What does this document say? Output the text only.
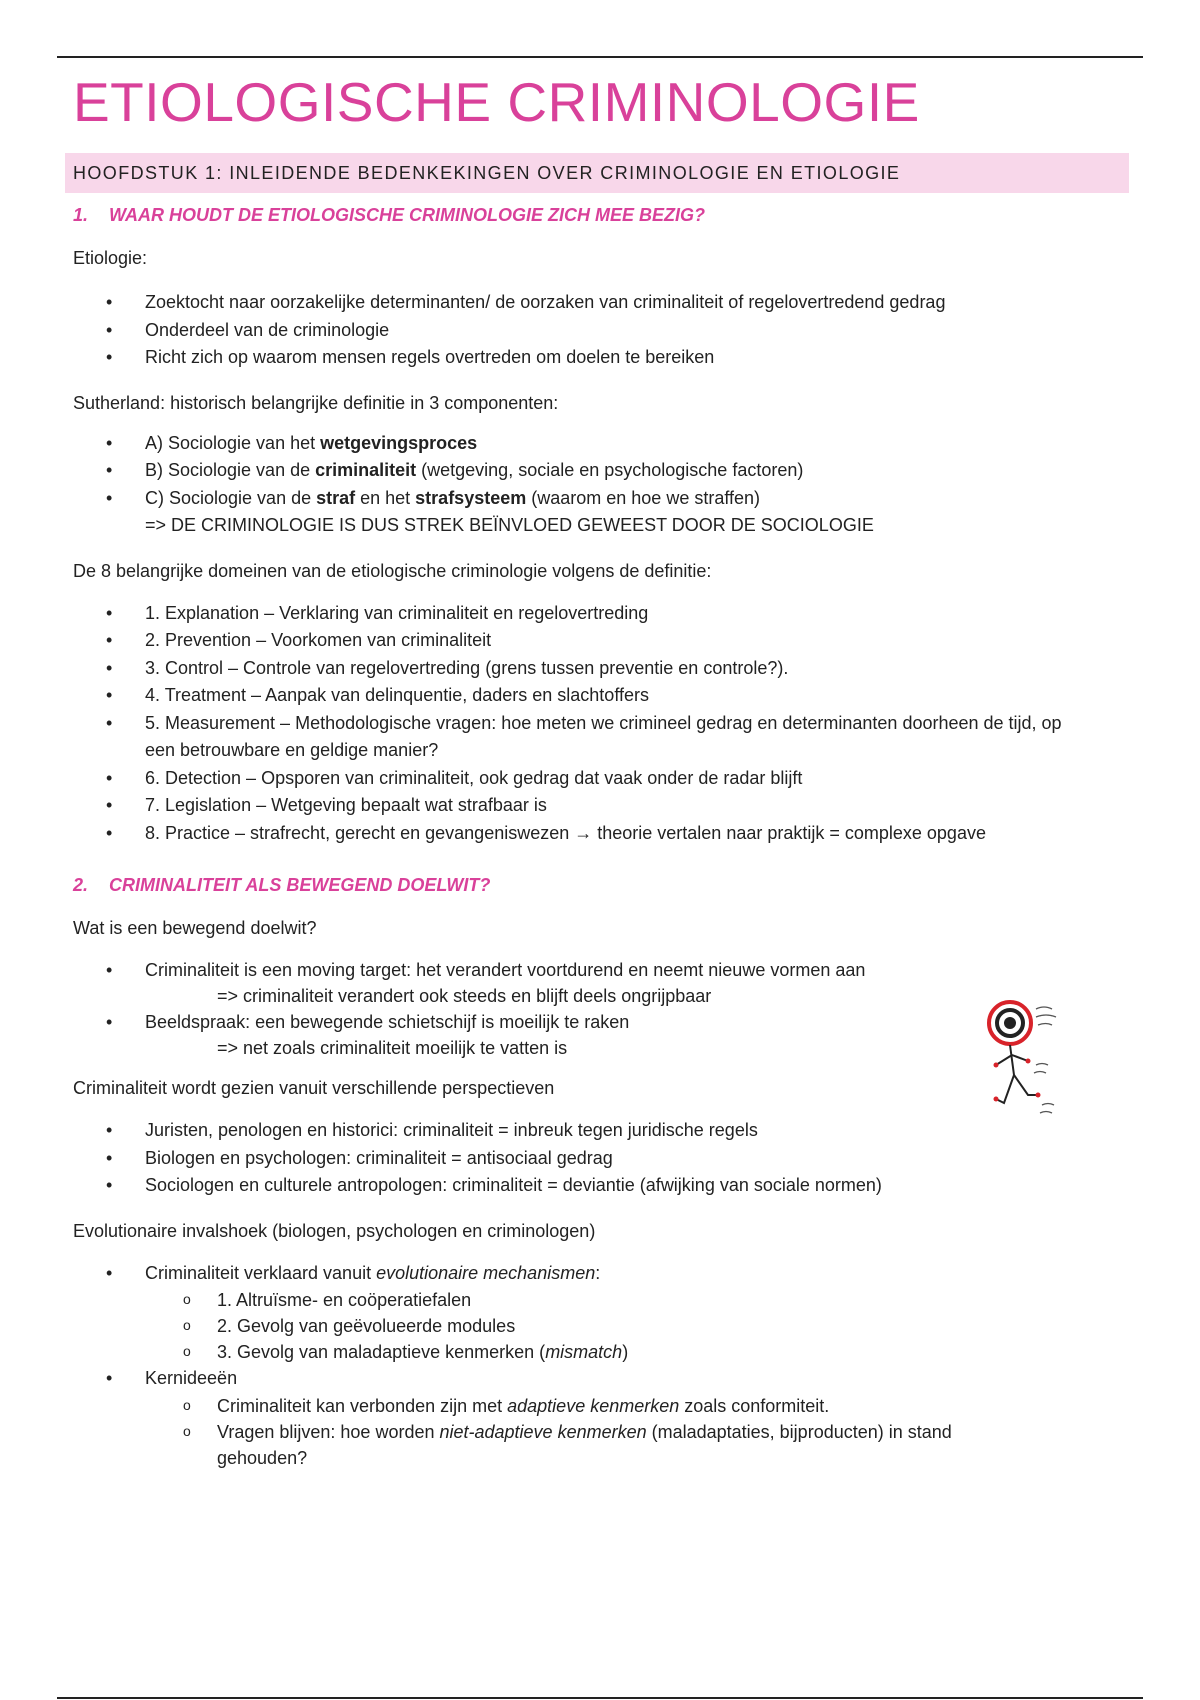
ETIOLOGISCHE CRIMINOLOGIE
HOOFDSTUK 1: INLEIDENDE BEDENKEKINGEN OVER CRIMINOLOGIE EN ETIOLOGIE
1. WAAR HOUDT DE ETIOLOGISCHE CRIMINOLOGIE ZICH MEE BEZIG?
Etiologie:
• Zoektocht naar oorzakelijke determinanten/ de oorzaken van criminaliteit of regelovertredend gedrag
• Onderdeel van de criminologie
• Richt zich op waarom mensen regels overtreden om doelen te bereiken
Sutherland: historisch belangrijke definitie in 3 componenten:
• A) Sociologie van het wetgevingsproces
• B) Sociologie van de criminaliteit (wetgeving, sociale en psychologische factoren)
• C) Sociologie van de straf en het strafsysteem (waarom en hoe we straffen)
=> DE CRIMINOLOGIE IS DUS STREK BEÏNVLOED GEWEEST DOOR DE SOCIOLOGIE
De 8 belangrijke domeinen van de etiologische criminologie volgens de definitie:
• 1. Explanation – Verklaring van criminaliteit en regelovertreding
• 2. Prevention – Voorkomen van criminaliteit
• 3. Control – Controle van regelovertreding (grens tussen preventie en controle?).
• 4. Treatment – Aanpak van delinquentie, daders en slachtoffers
• 5. Measurement – Methodologische vragen: hoe meten we crimineel gedrag en determinanten doorheen de tijd, op een betrouwbare en geldige manier?
• 6. Detection – Opsporen van criminaliteit, ook gedrag dat vaak onder de radar blijft
• 7. Legislation – Wetgeving bepaalt wat strafbaar is
• 8. Practice – strafrecht, gerecht en gevangeniswezen → theorie vertalen naar praktijk = complexe opgave
2. CRIMINALITEIT ALS BEWEGEND DOELWIT?
Wat is een bewegend doelwit?
• Criminaliteit is een moving target: het verandert voortdurend en neemt nieuwe vormen aan
=> criminaliteit verandert ook steeds en blijft deels ongrijpbaar
• Beeldspraak: een bewegende schietschijf is moeilijk te raken
=> net zoals criminaliteit moeilijk te vatten is
Criminaliteit wordt gezien vanuit verschillende perspectieven
• Juristen, penologen en historici: criminaliteit = inbreuk tegen juridische regels
• Biologen en psychologen: criminaliteit = antisociaal gedrag
• Sociologen en culturele antropologen: criminaliteit = deviantie (afwijking van sociale normen)
Evolutionaire invalshoek (biologen, psychologen en criminologen)
• Criminaliteit verklaard vanuit evolutionaire mechanismen:
o 1. Altruïsme- en coöperatiefalen
o 2. Gevolg van geëvolueerde modules
o 3. Gevolg van maladaptieve kenmerken (mismatch)
• Kernideeën
o Criminaliteit kan verbonden zijn met adaptieve kenmerken zoals conformiteit.
o Vragen blijven: hoe worden niet-adaptieve kenmerken (maladaptaties, bijproducten) in stand gehouden?
